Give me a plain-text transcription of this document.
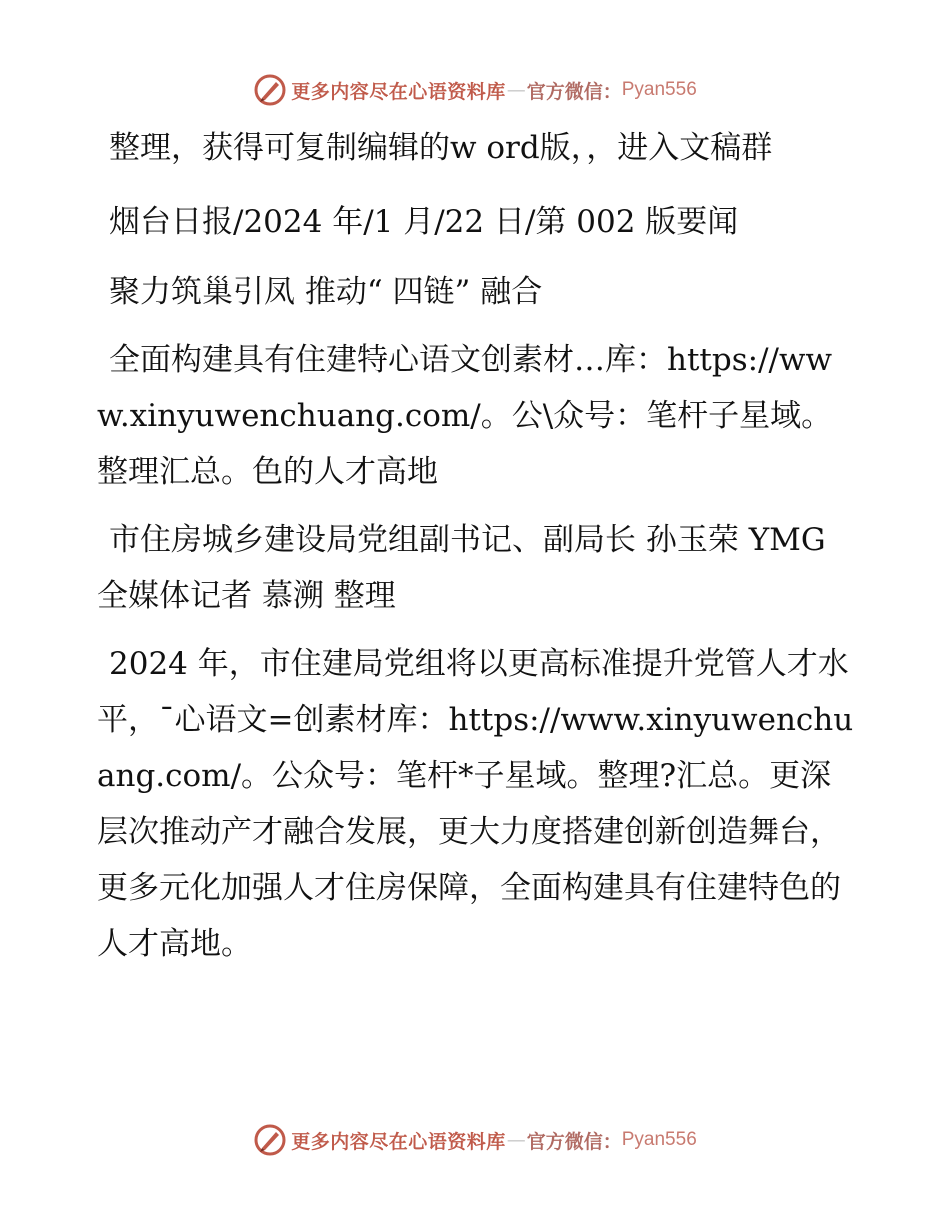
更多内容尽在心语资料库 — 官方微信： Pyan556

整理，获得可复制编辑的w ord版，，进入文稿群

烟台日报/2024 年/1 月/22 日/第 002 版要闻

聚力筑巢引凤 推动“ 四链” 融合

全面构建具有住建特心语文创素材…库：https://www.xinyuwenchuang.com/。公\众号：笔杆子星域。整理汇总。色的人才高地

市住房城乡建设局党组副书记、副局长 孙玉荣 YMG 全媒体记者 慕溯 整理

2024 年，市住建局党组将以更高标准提升党管人才水平，¯心语文=创素材库：https://www.xinyuwenchuang.com/。公众号：笔杆*子星域。整理?汇总。更深层次推动产才融合发展，更大力度搭建创新创造舞台，更多元化加强人才住房保障，全面构建具有住建特色的人才高地。

更多内容尽在心语资料库 — 官方微信： Pyan556
